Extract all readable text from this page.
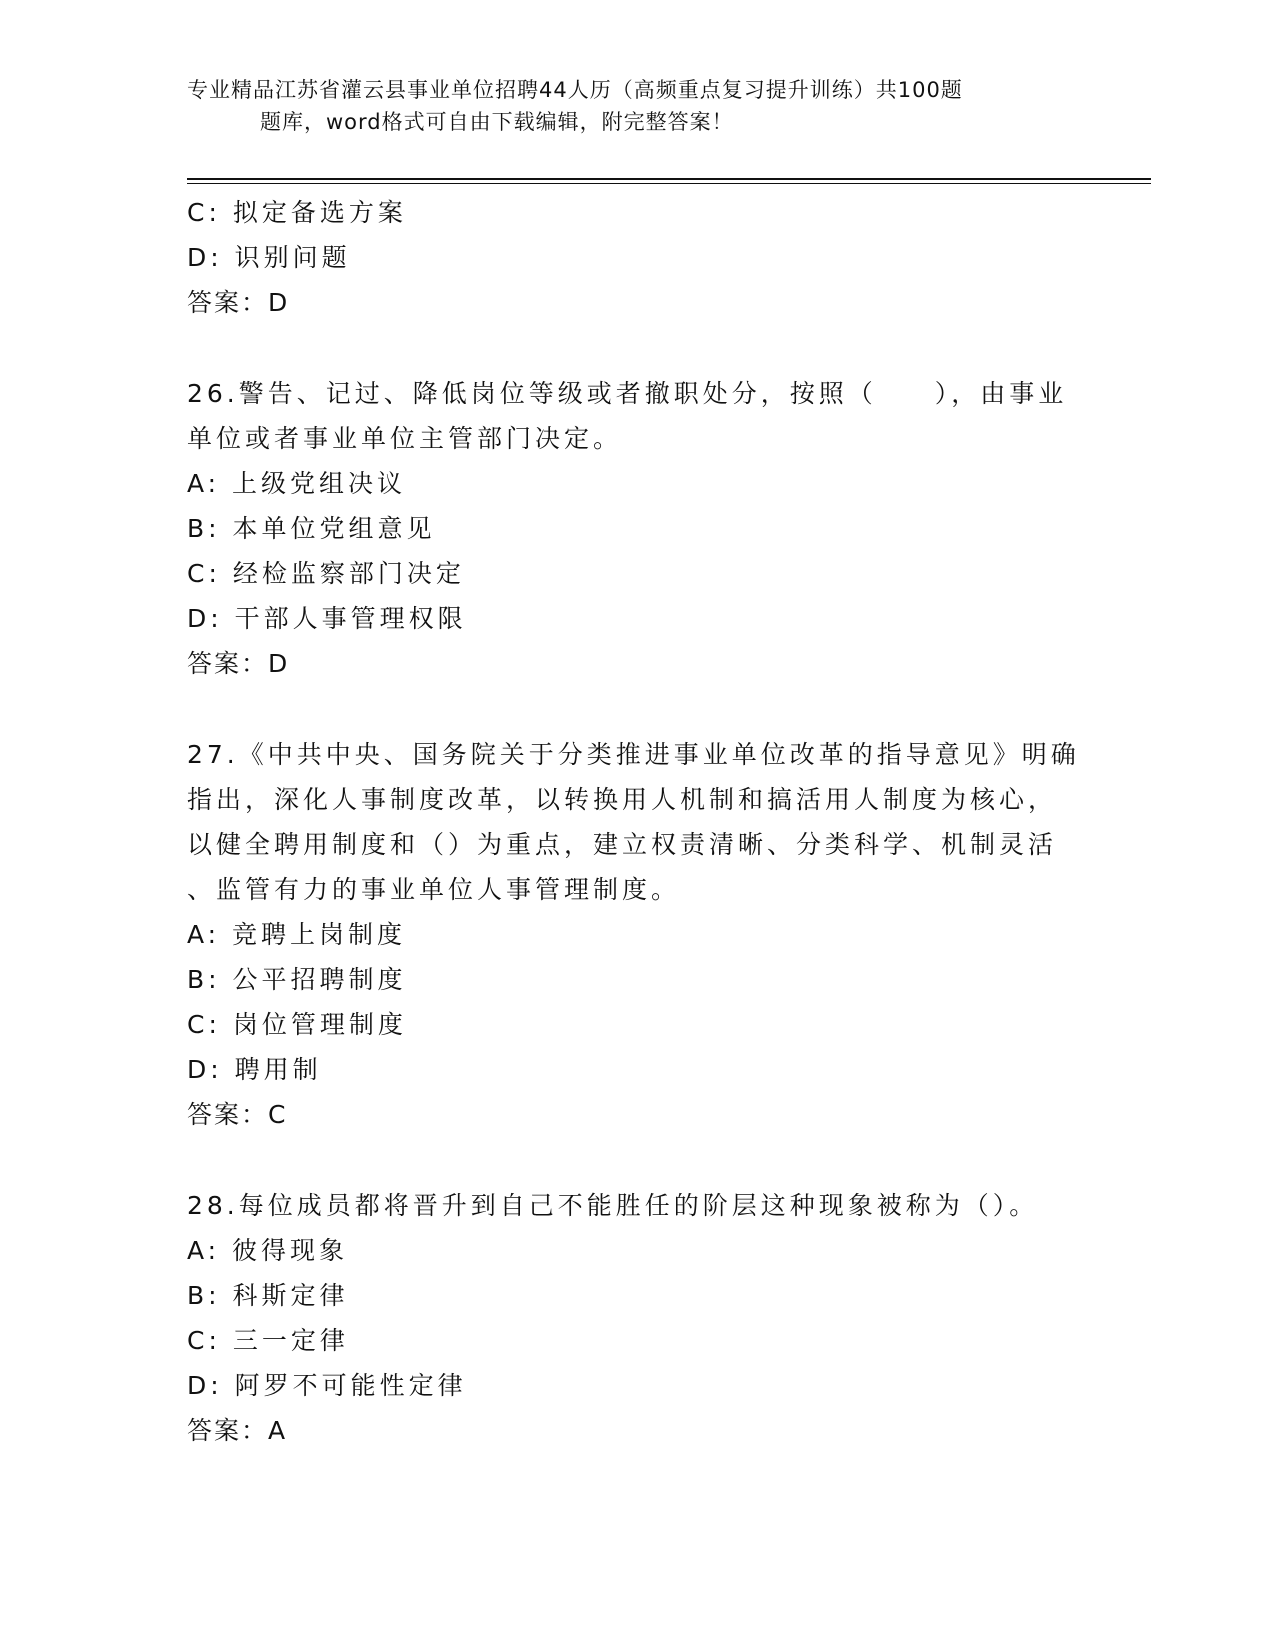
专业精品江苏省灌云县事业单位招聘44人历（高频重点复习提升训练）共100题
题库，word格式可自由下载编辑，附完整答案！
C: 拟定备选方案
D: 识别问题
答案：D
26.警告、记过、降低岗位等级或者撤职处分，按照（　　），由事业
单位或者事业单位主管部门决定。
A: 上级党组决议
B: 本单位党组意见
C: 经检监察部门决定
D: 干部人事管理权限
答案：D
27.《中共中央、国务院关于分类推进事业单位改革的指导意见》明确
指出，深化人事制度改革，以转换用人机制和搞活用人制度为核心，
以健全聘用制度和（）为重点，建立权责清晰、分类科学、机制灵活
、监管有力的事业单位人事管理制度。
A: 竞聘上岗制度
B: 公平招聘制度
C: 岗位管理制度
D: 聘用制
答案：C
28.每位成员都将晋升到自己不能胜任的阶层这种现象被称为（）。
A: 彼得现象
B: 科斯定律
C: 三一定律
D: 阿罗不可能性定律
答案：A
